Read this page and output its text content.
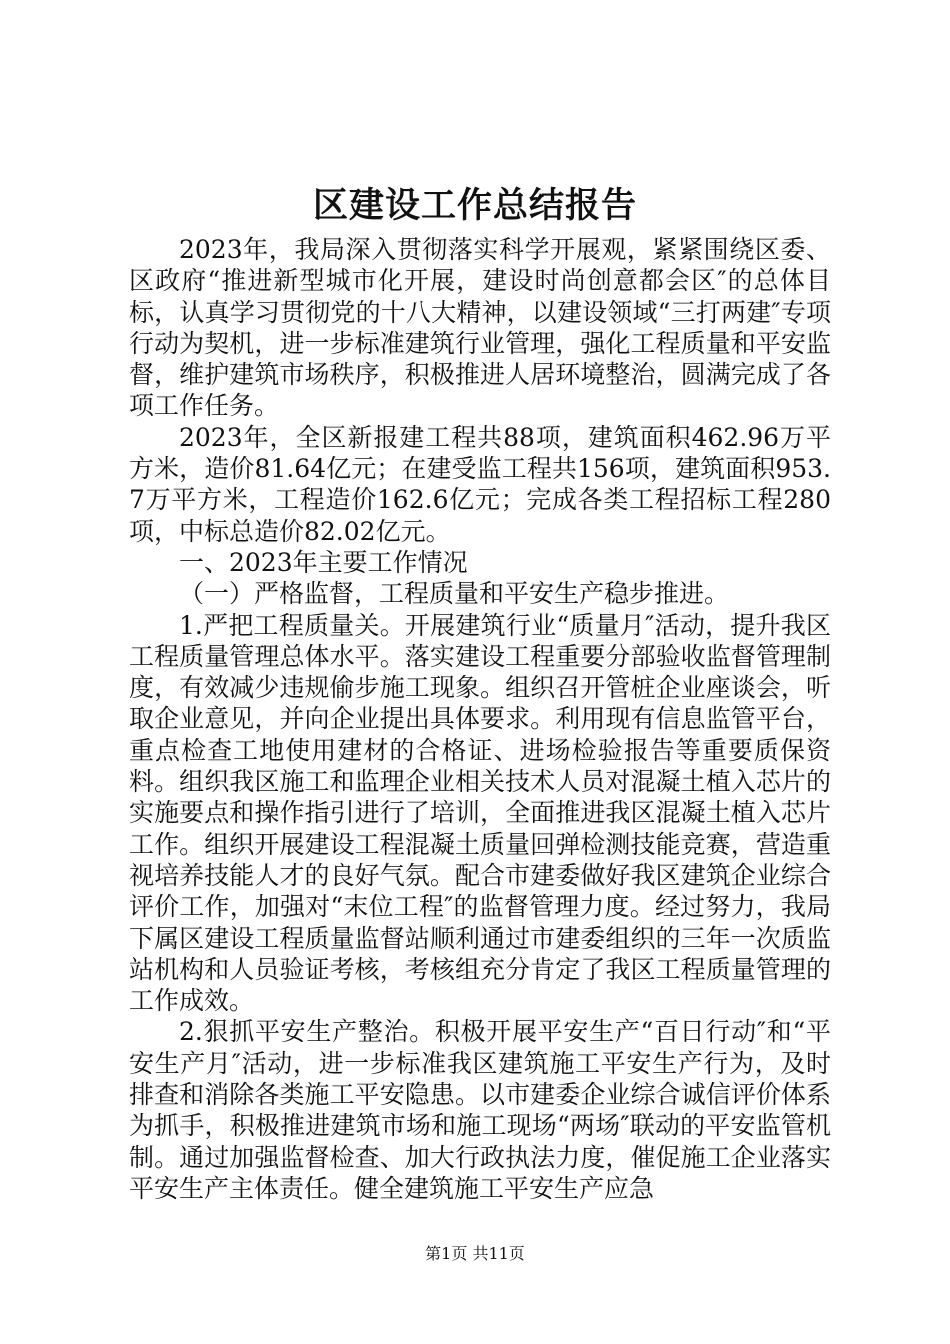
区建设工作总结报告

2023年，我局深入贯彻落实科学开展观，紧紧围绕区委、区政府“推进新型城市化开展，建设时尚创意都会区″的总体目标，认真学习贯彻党的十八大精神，以建设领域“三打两建″专项行动为契机，进一步标准建筑行业管理，强化工程质量和平安监督，维护建筑市场秩序，积极推进人居环境整治，圆满完成了各项工作任务。

2023年，全区新报建工程共88项，建筑面积462.96万平方米，造价81.64亿元；在建受监工程共156项，建筑面积953.7万平方米，工程造价162.6亿元；完成各类工程招标工程280项，中标总造价82.02亿元。

一、2023年主要工作情况

（一）严格监督，工程质量和平安生产稳步推进。

1.严把工程质量关。开展建筑行业“质量月″活动，提升我区工程质量管理总体水平。落实建设工程重要分部验收监督管理制度，有效减少违规偷步施工现象。组织召开管桩企业座谈会，听取企业意见，并向企业提出具体要求。利用现有信息监管平台，重点检查工地使用建材的合格证、进场检验报告等重要质保资料。组织我区施工和监理企业相关技术人员对混凝土植入芯片的实施要点和操作指引进行了培训，全面推进我区混凝土植入芯片工作。组织开展建设工程混凝土质量回弹检测技能竞赛，营造重视培养技能人才的良好气氛。配合市建委做好我区建筑企业综合评价工作，加强对“末位工程″的监督管理力度。经过努力，我局下属区建设工程质量监督站顺利通过市建委组织的三年一次质监站机构和人员验证考核，考核组充分肯定了我区工程质量管理的工作成效。

2.狠抓平安生产整治。积极开展平安生产“百日行动″和“平安生产月″活动，进一步标准我区建筑施工平安生产行为，及时排查和消除各类施工平安隐患。以市建委企业综合诚信评价体系为抓手，积极推进建筑市场和施工现场“两场″联动的平安监管机制。通过加强监督检查、加大行政执法力度，催促施工企业落实平安生产主体责任。健全建筑施工平安生产应急

第1页 共11页
